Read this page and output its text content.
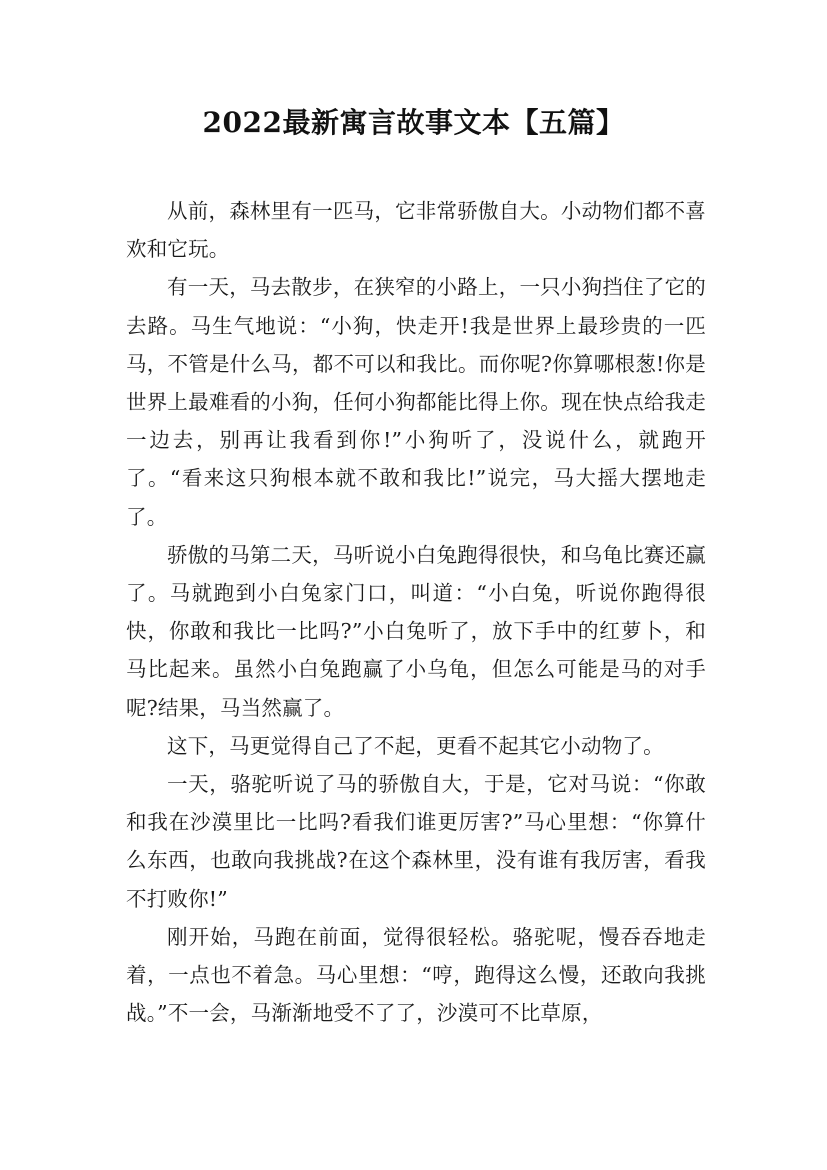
2022最新寓言故事文本【五篇】

从前，森林里有一匹马，它非常骄傲自大。小动物们都不喜欢和它玩。

有一天，马去散步，在狭窄的小路上，一只小狗挡住了它的去路。马生气地说：“小狗，快走开!我是世界上最珍贵的一匹马，不管是什么马，都不可以和我比。而你呢?你算哪根葱!你是世界上最难看的小狗，任何小狗都能比得上你。现在快点给我走一边去，别再让我看到你!”小狗听了，没说什么，就跑开了。“看来这只狗根本就不敢和我比!”说完，马大摇大摆地走了。

骄傲的马第二天，马听说小白兔跑得很快，和乌龟比赛还赢了。马就跑到小白兔家门口，叫道：“小白兔，听说你跑得很快，你敢和我比一比吗?”小白兔听了，放下手中的红萝卜，和马比起来。虽然小白兔跑赢了小乌龟，但怎么可能是马的对手呢?结果，马当然赢了。

这下，马更觉得自己了不起，更看不起其它小动物了。

一天，骆驼听说了马的骄傲自大，于是，它对马说：“你敢和我在沙漠里比一比吗?看我们谁更厉害?”马心里想：“你算什么东西，也敢向我挑战?在这个森林里，没有谁有我厉害，看我不打败你!”

刚开始，马跑在前面，觉得很轻松。骆驼呢，慢吞吞地走着，一点也不着急。马心里想：“哼，跑得这么慢，还敢向我挑战。”不一会，马渐渐地受不了了，沙漠可不比草原，
